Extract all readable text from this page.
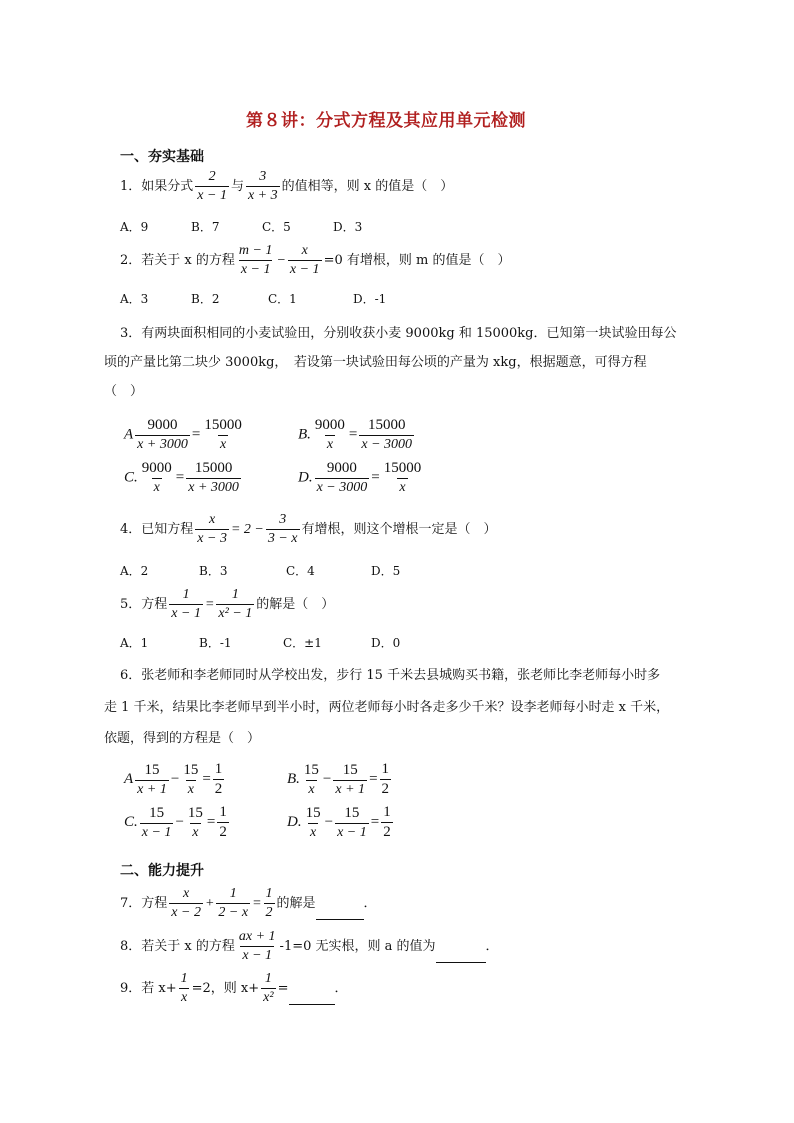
第８讲：分式方程及其应用单元检测
一、夯实基础
1．如果分式 $\frac{2}{x - 1}$ 与 $\frac{3}{x + 3}$ 的值相等，则 x 的值是（　）
A．9	B．7	C．5	D．3
2．若关于 x 的方程 $\frac{m - 1}{x - 1} - \frac{x}{x - 1} =0$ 有增根，则 m 的值是（　）
A．3	B．2	C．1	D．-1
3．有两块面积相同的小麦试验田，分别收获小麦 9000kg 和 15000kg．已知第一块试验田每公
顷的产量比第二块少 3000kg，　若设第一块试验田每公顷的产量为 xkg，根据题意，可得方程
（　）
A $\frac{9000}{x + 3000} = \frac{15000}{x}$	B. $\frac{9000}{x} = \frac{15000}{x - 3000}$
C. $\frac{9000}{x} = \frac{15000}{x + 3000}$	D. $\frac{9000}{x - 3000} = \frac{15000}{x}$
4．已知方程 $\frac{x}{x - 3} = 2 - \frac{3}{3 - x}$ 有增根，则这个增根一定是（　）
A．2	B．3	C．4	D．5
5．方程 $\frac{1}{x - 1} = \frac{1}{\text{x² − 1}}$ 的解是（　）
A．1	B．-1	C．±1	D．0
6．张老师和李老师同时从学校出发，步行 15 千米去县城购买书籍，张老师比李老师每小时多
走 1 千米，结果比李老师早到半小时，两位老师每小时各走多少千米？设李老师每小时走 x 千米，
依题，得到的方程是（　）
A $\frac{15}{x + 1} - \frac{15}{x} = \frac{1}{2}$	B. $\frac{15}{x} - \frac{15}{x + 1} = \frac{1}{2}$
C. $\frac{15}{x - 1} - \frac{15}{x} = \frac{1}{2}$	D. $\frac{15}{x} - \frac{15}{x - 1} = \frac{1}{2}$
二、能力提升
7．方程 $\frac{x}{x - 2} + \frac{1}{2 - x} = \frac{1}{2}$ 的解是	．
8．若关于 x 的方程 $\frac{ax + 1}{x - 1} -1=0$ 无实根，则 a 的值为	．
9．若 $x+ \frac{1}{x} =2$，则 $x+ \frac{1}{\text{x²}}$ =	．
